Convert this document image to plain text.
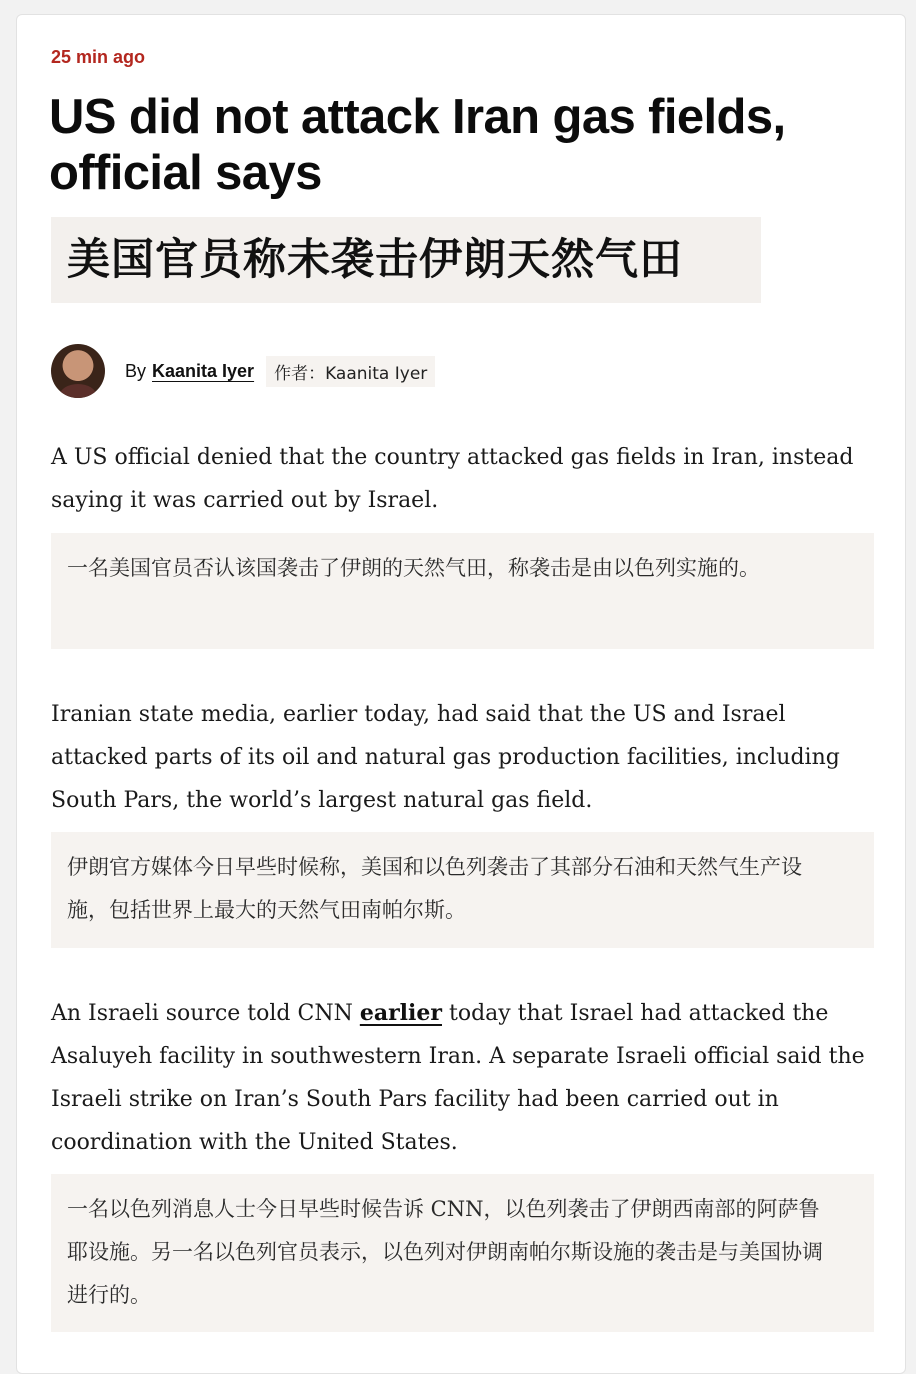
25 min ago
US did not attack Iran gas fields, official says
美国官员称未袭击伊朗天然气田
By Kaanita Iyer	作者：Kaanita Iyer

A US official denied that the country attacked gas fields in Iran, instead saying it was carried out by Israel.

一名美国官员否认该国袭击了伊朗的天然气田，称袭击是由以色列实施的。

Iranian state media, earlier today, had said that the US and Israel attacked parts of its oil and natural gas production facilities, including South Pars, the world’s largest natural gas field.

伊朗官方媒体今日早些时候称，美国和以色列袭击了其部分石油和天然气生产设施，包括世界上最大的天然气田南帕尔斯。

An Israeli source told CNN earlier today that Israel had attacked the Asaluyeh facility in southwestern Iran. A separate Israeli official said the Israeli strike on Iran’s South Pars facility had been carried out in coordination with the United States.

一名以色列消息人士今日早些时候告诉 CNN，以色列袭击了伊朗西南部的阿萨鲁耶设施。另一名以色列官员表示，以色列对伊朗南帕尔斯设施的袭击是与美国协调进行的。
